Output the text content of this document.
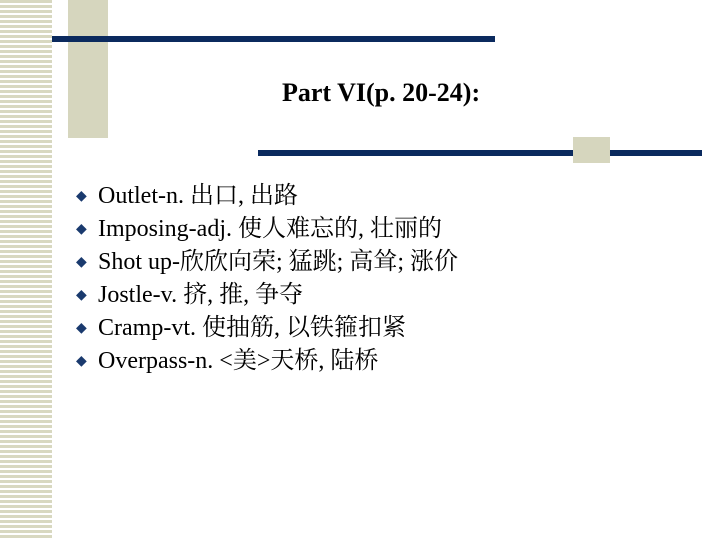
Part VI(p. 20-24):
◆ Outlet-n. 出口, 出路
◆ Imposing-adj. 使人难忘的, 壮丽的
◆ Shot up-欣欣向荣; 猛跳; 高耸; 涨价
◆ Jostle-v. 挤, 推, 争夺
◆ Cramp-vt. 使抽筋, 以铁箍扣紧
◆ Overpass-n. <美>天桥, 陆桥
